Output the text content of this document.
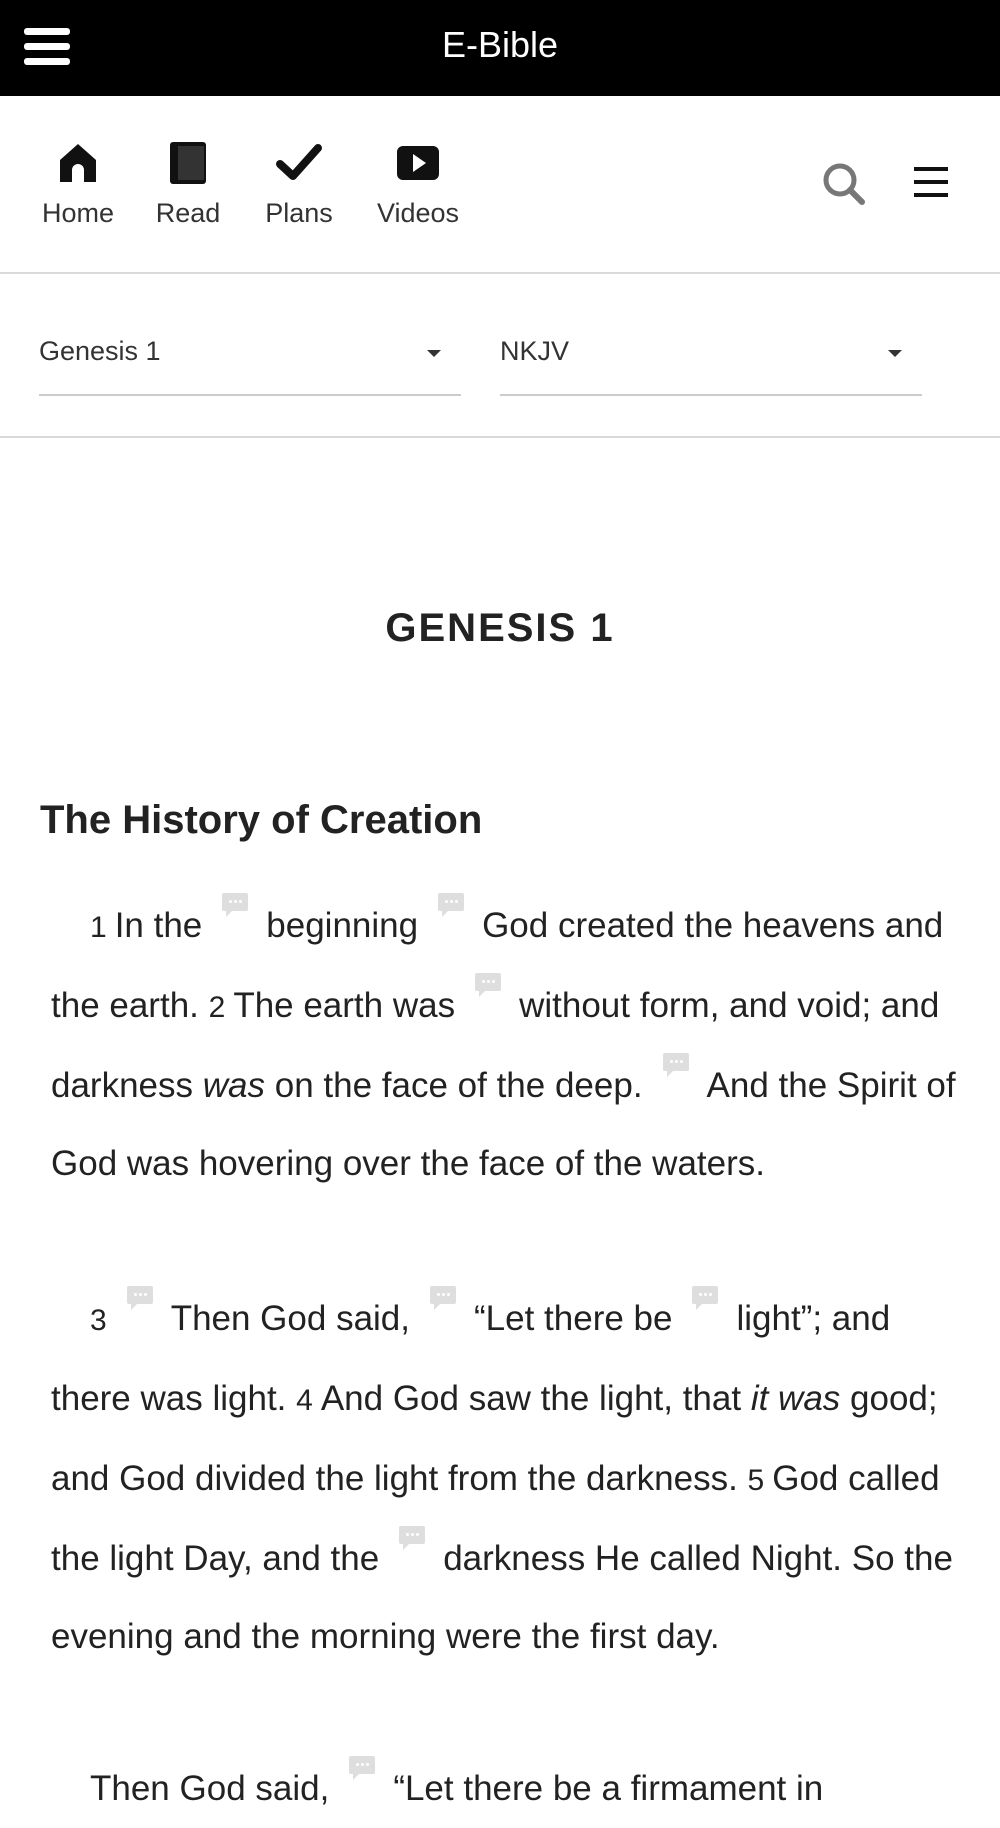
E-Bible
Home Read Plans Videos
Genesis 1	NKJV
GENESIS 1
The History of Creation

1 In the beginning God created the heavens and the earth. 2 The earth was without form, and void; and darkness was on the face of the deep. And the Spirit of God was hovering over the face of the waters.

3 Then God said, “Let there be light”; and there was light. 4 And God saw the light, that it was good; and God divided the light from the darkness. 5 God called the light Day, and the darkness He called Night. So the evening and the morning were the first day.

Then God said, “Let there be a firmament in
